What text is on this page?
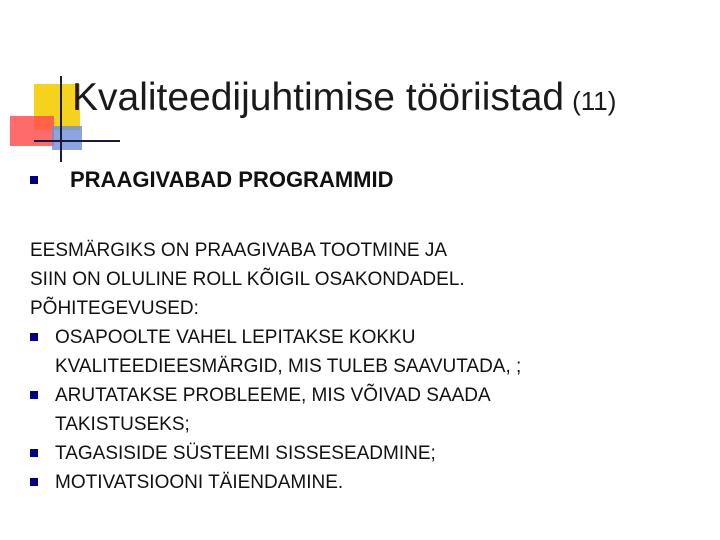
Kvaliteedijuhtimise tööriistad (11)
PRAAGIVABAD PROGRAMMID
EESMÄRGIKS ON PRAAGIVABA TOOTMINE JA
SIIN ON OLULINE ROLL KÕIGIL OSAKONDADEL.
PÕHITEGEVUSED:
OSAPOOLTE VAHEL LEPITAKSE KOKKU
KVALITEEDIEESMÄRGID, MIS TULEB SAAVUTADA, ;
ARUTATAKSE PROBLEEME, MIS VÕIVAD SAADA
TAKISTUSEKS;
TAGASISIDE SÜSTEEMI SISSESEADMINE;
MOTIVATSIOONI TÄIENDAMINE.
